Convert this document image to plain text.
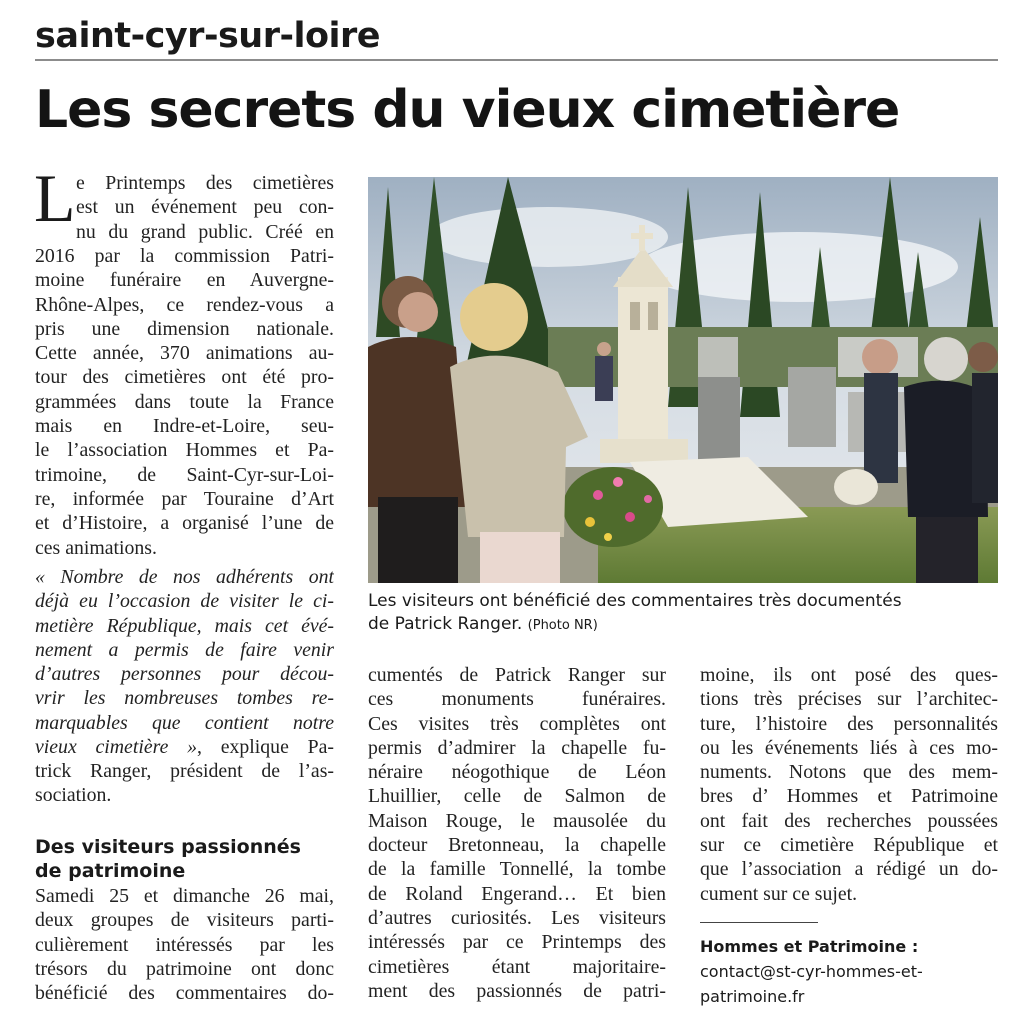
saint-cyr-sur-loire
Les secrets du vieux cimetière
L e Printemps des cimetières
est un événement peu con-
nu du grand public. Créé en
2016 par la commission Patri-
moine funéraire en Auvergne-
Rhône-Alpes, ce rendez-vous a
pris une dimension nationale.
Cette année, 370 animations au-
tour des cimetières ont été pro-
grammées dans toute la France
mais en Indre-et-Loire, seu-
le l’association Hommes et Pa-
trimoine, de Saint-Cyr-sur-Loi-
re, informée par Touraine d’Art
et d’Histoire, a organisé l’une de
ces animations.
« Nombre de nos adhérents ont
déjà eu l’occasion de visiter le ci-
metière République, mais cet évé-
nement a permis de faire venir
d’autres personnes pour décou-
vrir les nombreuses tombes re-
marquables que contient notre
vieux cimetière », explique Pa-
trick Ranger, président de l’as-
sociation.
Des visiteurs passionnés
de patrimoine
Samedi 25 et dimanche 26 mai,
deux groupes de visiteurs parti-
culièrement intéressés par les
trésors du patrimoine ont donc
bénéficié des commentaires do-
Les visiteurs ont bénéficié des commentaires très documentés
de Patrick Ranger. (Photo NR)
cumentés de Patrick Ranger sur
ces monuments funéraires.
Ces visites très complètes ont
permis d’admirer la chapelle fu-
néraire néogothique de Léon
Lhuillier, celle de Salmon de
Maison Rouge, le mausolée du
docteur Bretonneau, la chapelle
de la famille Tonnellé, la tombe
de Roland Engerand… Et bien
d’autres curiosités. Les visiteurs
intéressés par ce Printemps des
cimetières étant majoritaire-
ment des passionnés de patri-
moine, ils ont posé des ques-
tions très précises sur l’architec-
ture, l’histoire des personnalités
ou les événements liés à ces mo-
numents. Notons que des mem-
bres d’ Hommes et Patrimoine
ont fait des recherches poussées
sur ce cimetière République et
que l’association a rédigé un do-
cument sur ce sujet.
Hommes et Patrimoine :
contact@st-cyr-hommes-et-
patrimoine.fr
